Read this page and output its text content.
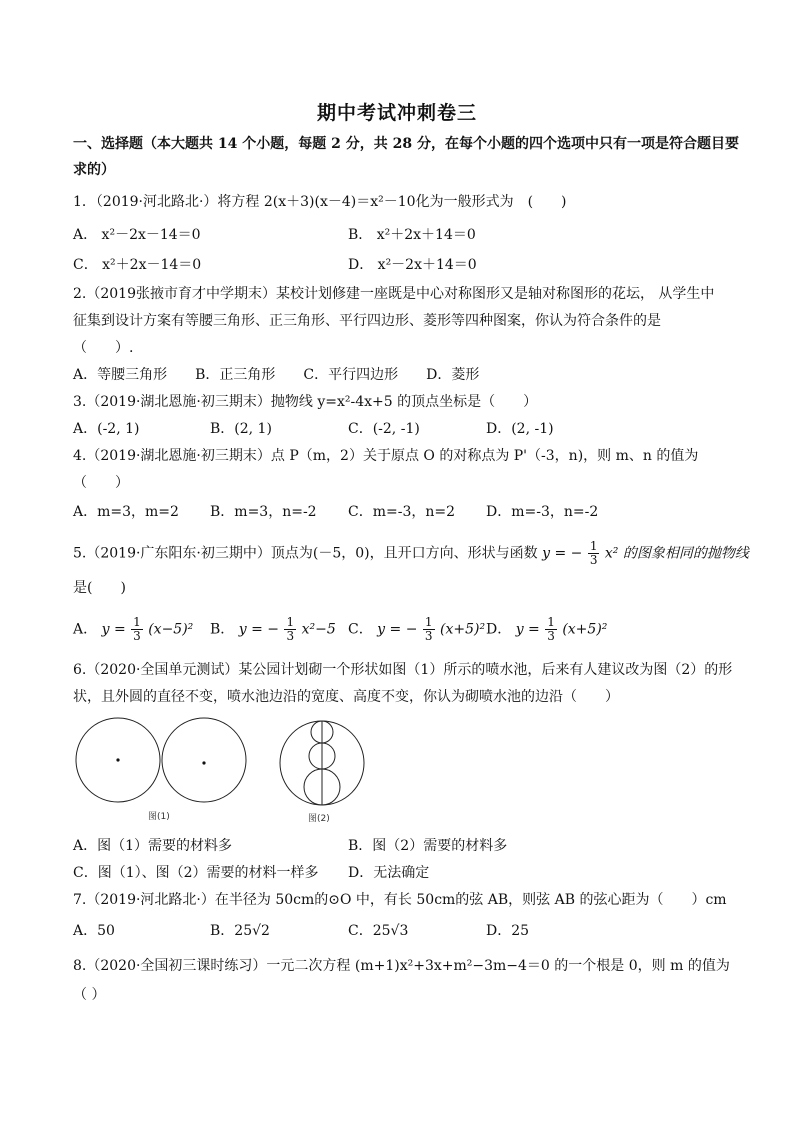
期中考试冲刺卷三
一、选择题（本大题共 14 个小题，每题 2 分，共 28 分，在每个小题的四个选项中只有一项是符合题目要
求的）
1．（2019·河北路北·）将方程 2(x＋3)(x－4)＝x²－10化为一般形式为　(　　)
A． x²－2x－14＝0	B． x²＋2x＋14＝0
C． x²＋2x－14＝0	D． x²－2x＋14＝0
2.（2019张掖市育才中学期末）某校计划修建一座既是中心对称图形又是轴对称图形的花坛， 从学生中
征集到设计方案有等腰三角形、正三角形、平行四边形、菱形等四种图案，你认为符合条件的是
（　　）.
A．等腰三角形　　B．正三角形　　C．平行四边形　　D．菱形
3.（2019·湖北恩施·初三期末）抛物线 y=x²-4x+5 的顶点坐标是（　　）
A．(-2, 1)	B．(2, 1)	C．(-2, -1)	D．(2, -1)
4.（2019·湖北恩施·初三期末）点 P（m，2）关于原点 O 的对称点为 P'（-3，n)，则 m、n 的值为
（　　）
A．m=3，m=2 B．m=3，n=-2 C．m=-3，n=2 D．m=-3，n=-2
5.（2019·广东阳东·初三期中）顶点为(－5，0)，且开口方向、形状与函数 y = − $\frac{1}{3} x^2$ 的图象相同的抛物线
是(　　)
A． $y = \frac{1}{3} (x-5)^2$ B． y = − $\frac{1}{3} x^2-5$ C． y = − $\frac{1}{3} (x+5)^2$ D． $y = \frac{1}{3} (x+5)^2$
6.（2020·全国单元测试）某公园计划砌一个形状如图（1）所示的喷水池，后来有人建议改为图（2）的形
状，且外圆的直径不变，喷水池边沿的宽度、高度不变，你认为砌喷水池的边沿（　　）
图(1)	图(2)
A．图（1）需要的材料多	B．图（2）需要的材料多
C．图（1）、图（2）需要的材料一样多 D．无法确定
7.（2019·河北路北·）在半径为 50cm的⊙O 中，有长 50cm的弦 AB，则弦 AB 的弦心距为（　　）cm
A．50	B．25√2	C．25√3	D．25
8.（2020·全国初三课时练习）一元二次方程 (m+1)x²+3x+m²−3m−4＝0 的一个根是 0，则 m 的值为
（ ）
